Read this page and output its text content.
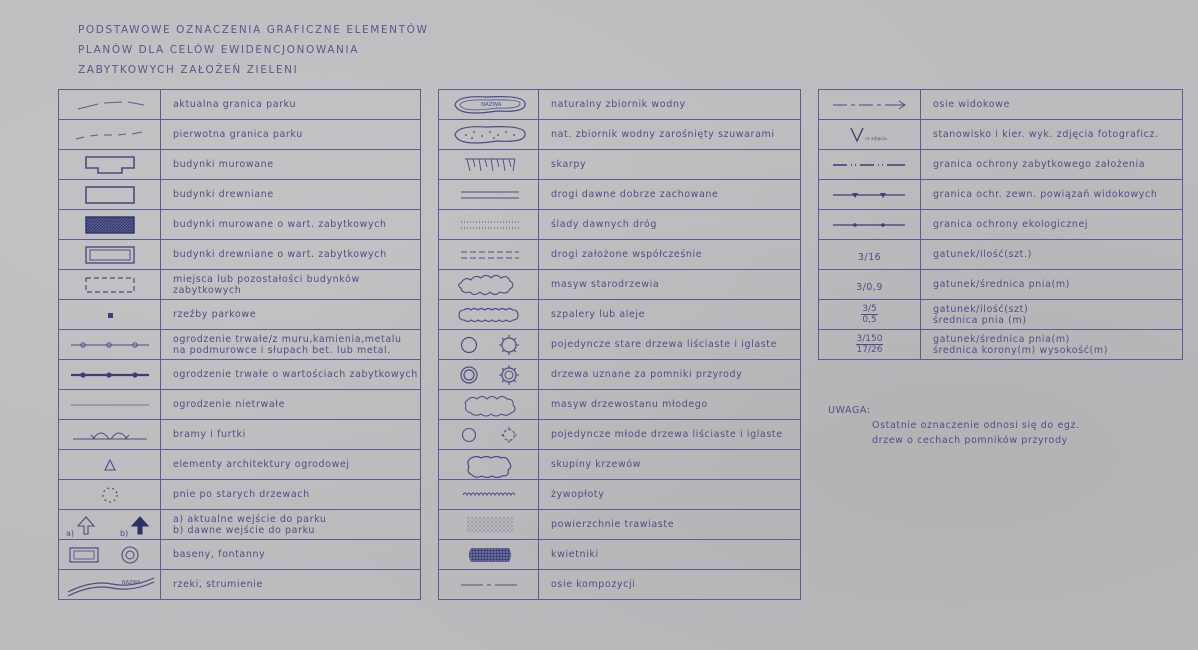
PODSTAWOWE OZNACZENIA GRAFICZNE ELEMENTÓW
PLANÓW DLA CELÓW EWIDENCJONOWANIA
ZABYTKOWYCH ZAŁOŻEŃ ZIELENI
	aktualna granica parku

	pierwotna granica parku

	budynki murowane

	budynki drewniane

	budynki murowane o wart. zabytkowych

	budynki drewniane o wart. zabytkowych

miejsca lub pozostałości budynków
zabytkowych

	rzeźby parkowe

ogrodzenie trwałe/z muru,kamienia,metalu
na podmurowce i słupach bet. lub metal.

	ogrodzenie trwałe o wartościach zabytkowych

	ogrodzenie nietrwałe

	bramy i furtki

	elementy architektury ogrodowej

	pnie po starych drzewach

a) b)	a) aktualne wejście do parku
b) dawne wejście do parku

	baseny, fontanny

NAZWA	rzeki, strumienie
NAZWA	naturalny zbiornik wodny

	nat. zbiornik wodny zarośnięty szuwarami

	skarpy

	drogi dawne dobrze zachowane

	ślady dawnych dróg

	drogi założone współcześnie

	masyw starodrzewia

	szpalery lub aleje

	pojedyncze stare drzewa liściaste i iglaste

	drzewa uznane za pomniki przyrody

	masyw drzewostanu młodego

	pojedyncze młode drzewa liściaste i iglaste

	skupiny krzewów

	żywopłoty

	powierzchnie trawiaste

	kwietniki

	osie kompozycji
	osie widokowe

nr zdjęcia	stanowisko i kier. wyk. zdjęcia fotograficz.

	granica ochrony zabytkowego założenia

	granica ochr. zewn. powiązań widokowych

	granica ochrony ekologicznej
3/16	gatunek/ilość(szt.)
3/0,9	gatunek/średnica pnia(m)

$\frac{3/5}{0,5}$	gatunek/ilość(szt)
średnica pnia (m)

$\frac{3/150}{17/26}$	gatunek/średnica pnia(m)
średnica korony(m) wysokość(m)
UWAGA:
Ostatnie oznaczenie odnosi się do egz.
drzew o cechach pomników przyrody
